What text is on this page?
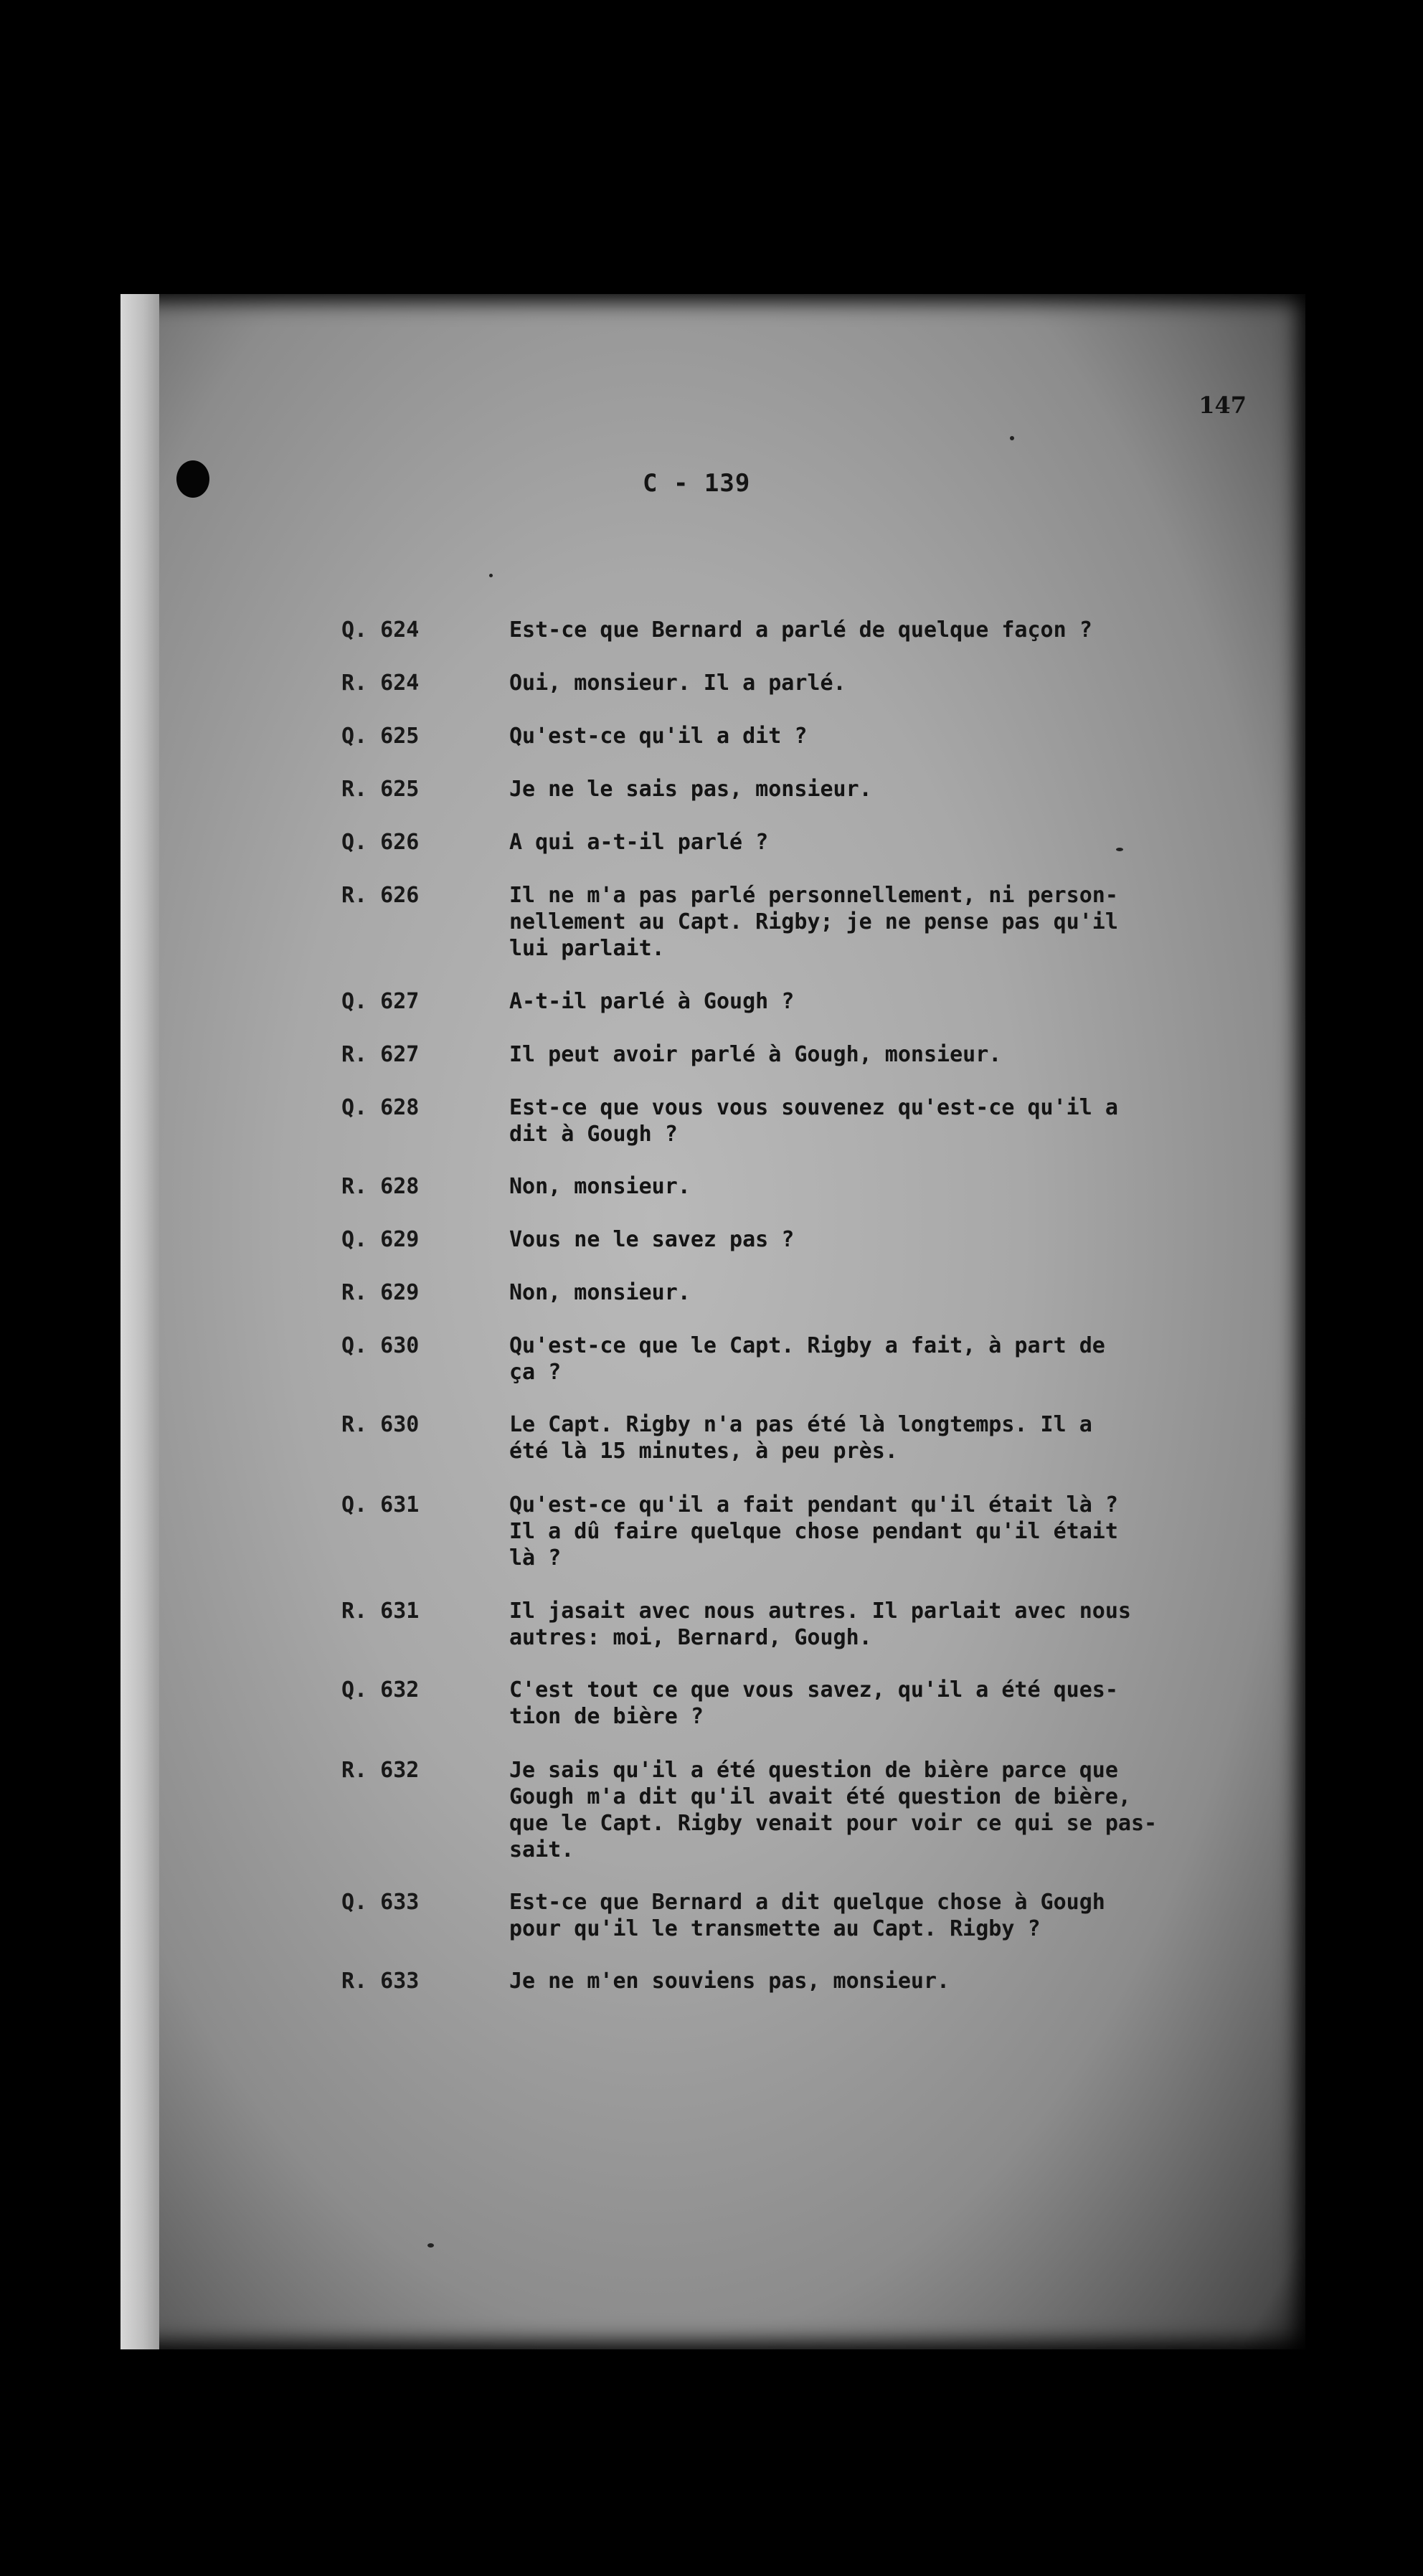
147
C - 139
Q. 624	Est-ce que Bernard a parlé de quelque façon ?
R. 624	Oui, monsieur. Il a parlé.
Q. 625	Qu'est-ce qu'il a dit ?
R. 625	Je ne le sais pas, monsieur.
Q. 626	A qui a-t-il parlé ?
R. 626	Il ne m'a pas parlé personnellement, ni person-
nellement au Capt. Rigby; je ne pense pas qu'il
lui parlait.
Q. 627	A-t-il parlé à Gough ?
R. 627	Il peut avoir parlé à Gough, monsieur.
Q. 628	Est-ce que vous vous souvenez qu'est-ce qu'il a
dit à Gough ?
R. 628	Non, monsieur.
Q. 629	Vous ne le savez pas ?
R. 629	Non, monsieur.
Q. 630	Qu'est-ce que le Capt. Rigby a fait, à part de
ça ?
R. 630	Le Capt. Rigby n'a pas été là longtemps. Il a
été là 15 minutes, à peu près.
Q. 631	Qu'est-ce qu'il a fait pendant qu'il était là ?
Il a dû faire quelque chose pendant qu'il était
là ?
R. 631	Il jasait avec nous autres. Il parlait avec nous
autres: moi, Bernard, Gough.
Q. 632	C'est tout ce que vous savez, qu'il a été ques-
tion de bière ?
R. 632	Je sais qu'il a été question de bière parce que
Gough m'a dit qu'il avait été question de bière,
que le Capt. Rigby venait pour voir ce qui se pas-
sait.
Q. 633	Est-ce que Bernard a dit quelque chose à Gough
pour qu'il le transmette au Capt. Rigby ?
R. 633	Je ne m'en souviens pas, monsieur.
